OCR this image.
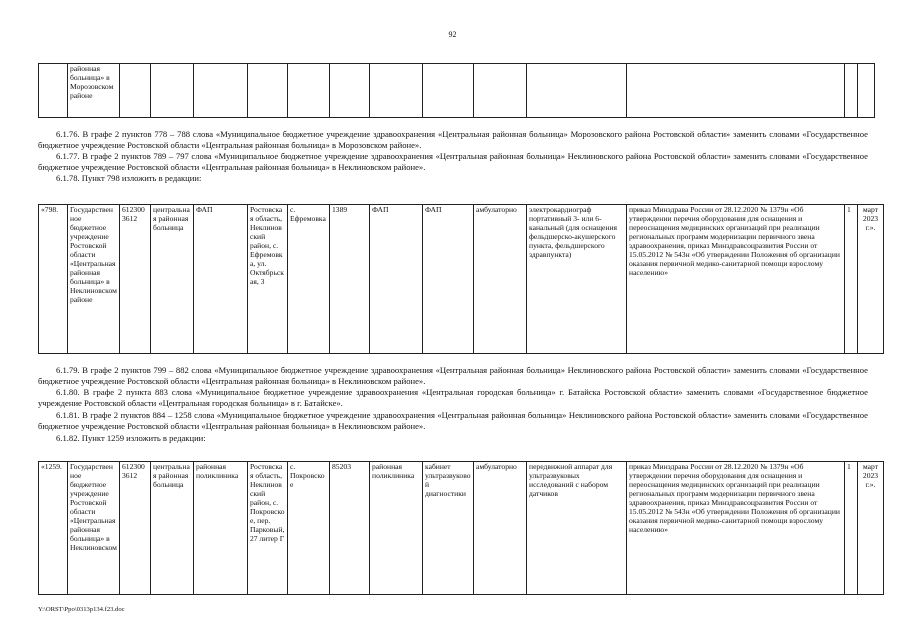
92
	районная больница» в Морозовском районе													
6.1.76. В графе 2 пунктов 778 – 788 слова «Муниципальное бюджетное учреждение здравоохранения «Центральная районная больница» Морозовского района Ростовской области» заменить словами «Государственное бюджетное учреждение Ростовской области «Центральная районная больница» в Морозовском районе».
6.1.77. В графе 2 пунктов 789 – 797 слова «Муниципальное бюджетное учреждение здравоохранения «Центральная районная больница» Неклиновского района Ростовской области» заменить словами «Государственное бюджетное учреждение Ростовской области «Центральная районная больница» в Неклиновском районе».
6.1.78. Пункт 798 изложить в редакции:
«798.	Государственное бюджетное учреждение Ростовской области «Центральная районная больница» в Неклиновском районе	612300 3612	центральная районная больница	ФАП	Ростовская область, Неклиновский район, с. Ефремовка, ул. Октябрьская, 3	с. Ефремовка	1389	ФАП	ФАП	амбулаторно	электрокардиограф портативный 3- или 6- канальный (для оснащения фельдшерско-акушерского пункта, фельдшерского здравпункта)	приказ Минздрава России от 28.12.2020 № 1379н «Об утверждении перечня оборудования для оснащения и переоснащения медицинских организаций при реализации региональных программ модернизации первичного звена здравоохранения, приказ Минздравсоцразвития России от 15.05.2012 № 543н «Об утверждении Положения об организации оказания первичной медико-санитарной помощи взрослому населению»	1	март 2023 г.».
6.1.79. В графе 2 пунктов 799 – 882 слова «Муниципальное бюджетное учреждение здравоохранения «Центральная районная больница» Неклиновского района Ростовской области» заменить словами «Государственное бюджетное учреждение Ростовской области «Центральная районная больница» в Неклиновском районе».
6.1.80. В графе 2 пункта 883 слова «Муниципальное бюджетное учреждение здравоохранения «Центральная городская больница» г. Батайска Ростовской области» заменить словами «Государственное бюджетное учреждение Ростовской области «Центральная городская больница» в г. Батайске».
6.1.81. В графе 2 пунктов 884 – 1258 слова «Муниципальное бюджетное учреждение здравоохранения «Центральная районная больница» Неклиновского района Ростовской области» заменить словами «Государственное бюджетное учреждение Ростовской области «Центральная районная больница» в Неклиновском районе».
6.1.82. Пункт 1259 изложить в редакции:
«1259.	Государственное бюджетное учреждение Ростовской области «Центральная районная больница» в Неклиновском	612300 3612	центральная районная больница	районная поликлиника	Ростовская область, Неклиновский район, с. Покровское, пер. Парковый, 27 литер Г	с. Покровское	85203	районная поликлиника	кабинет ультразвуковой диагностики	амбулаторно	передвижной аппарат для ультразвуковых исследований с набором датчиков	приказ Минздрава России от 28.12.2020 № 1379н «Об утверждении перечня оборудования для оснащения и переоснащения медицинских организаций при реализации региональных программ модернизации первичного звена здравоохранения, приказ Минздравсоцразвития России от 15.05.2012 № 543н «Об утверждении Положения об организации оказания первичной медико-санитарной помощи взрослому населению»	1	март 2023 г.».
Y:\ORST\Ppo\0313p134.f23.doc
